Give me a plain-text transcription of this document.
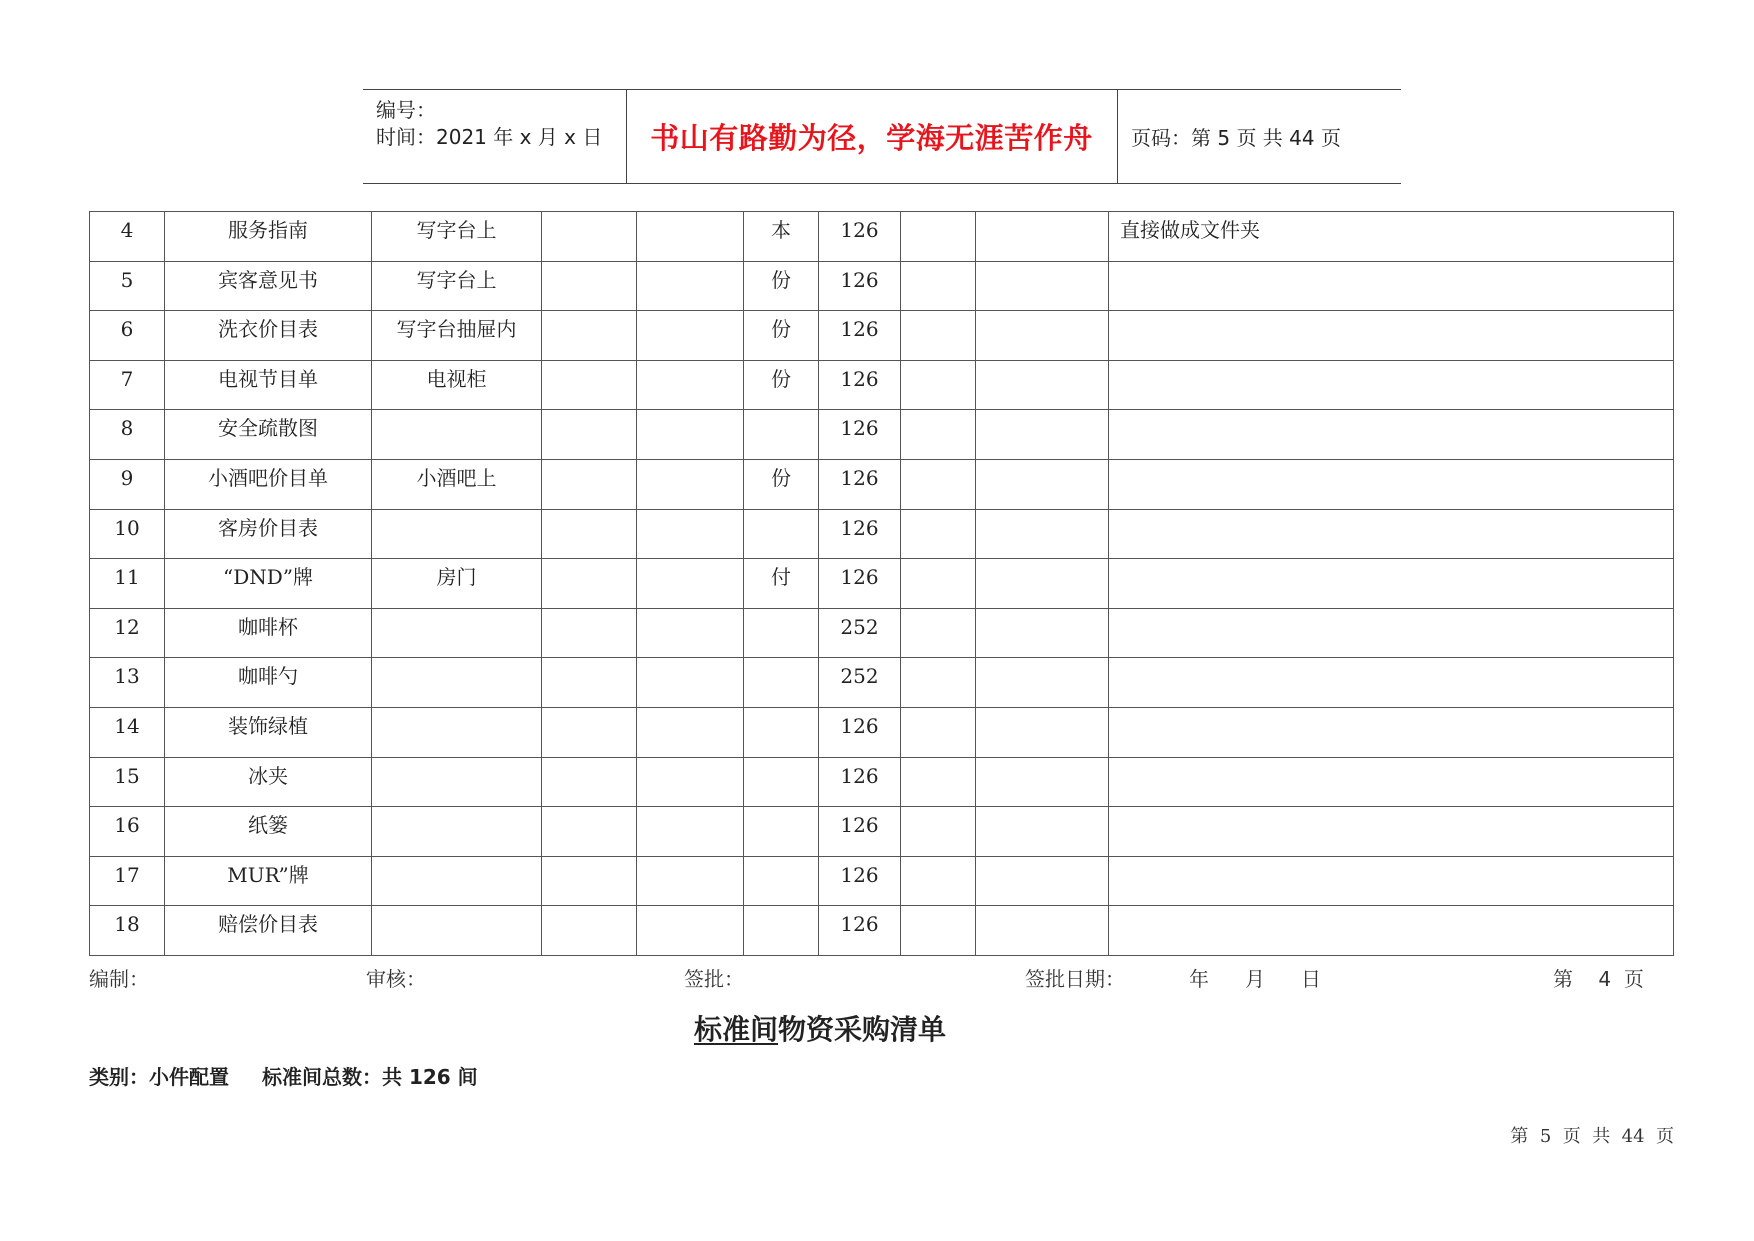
编号：
时间：2021 年 x 月 x 日	书山有路勤为径，学海无涯苦作舟	页码：第 5 页 共 44 页
4	服务指南	写字台上			本	126			直接做成文件夹

5	宾客意见书	写字台上			份	126			

6	洗衣价目表	写字台抽屉内			份	126			

7	电视节目单	电视柜			份	126			

8	安全疏散图					126			

9	小酒吧价目单	小酒吧上			份	126			

10	客房价目表					126			

11	“DND”牌	房门			付	126			

12	咖啡杯					252			

13	咖啡勺					252			

14	装饰绿植					126			

15	冰夹					126			

16	纸篓					126			

17	MUR”牌					126			

18	赔偿价目表					126			

编制：	审核：	签批：	签批日期：	年 月 日	第    4  页
标准间物资采购清单
类别：小件配置 标准间总数：共 126 间
第  5  页  共  44  页
